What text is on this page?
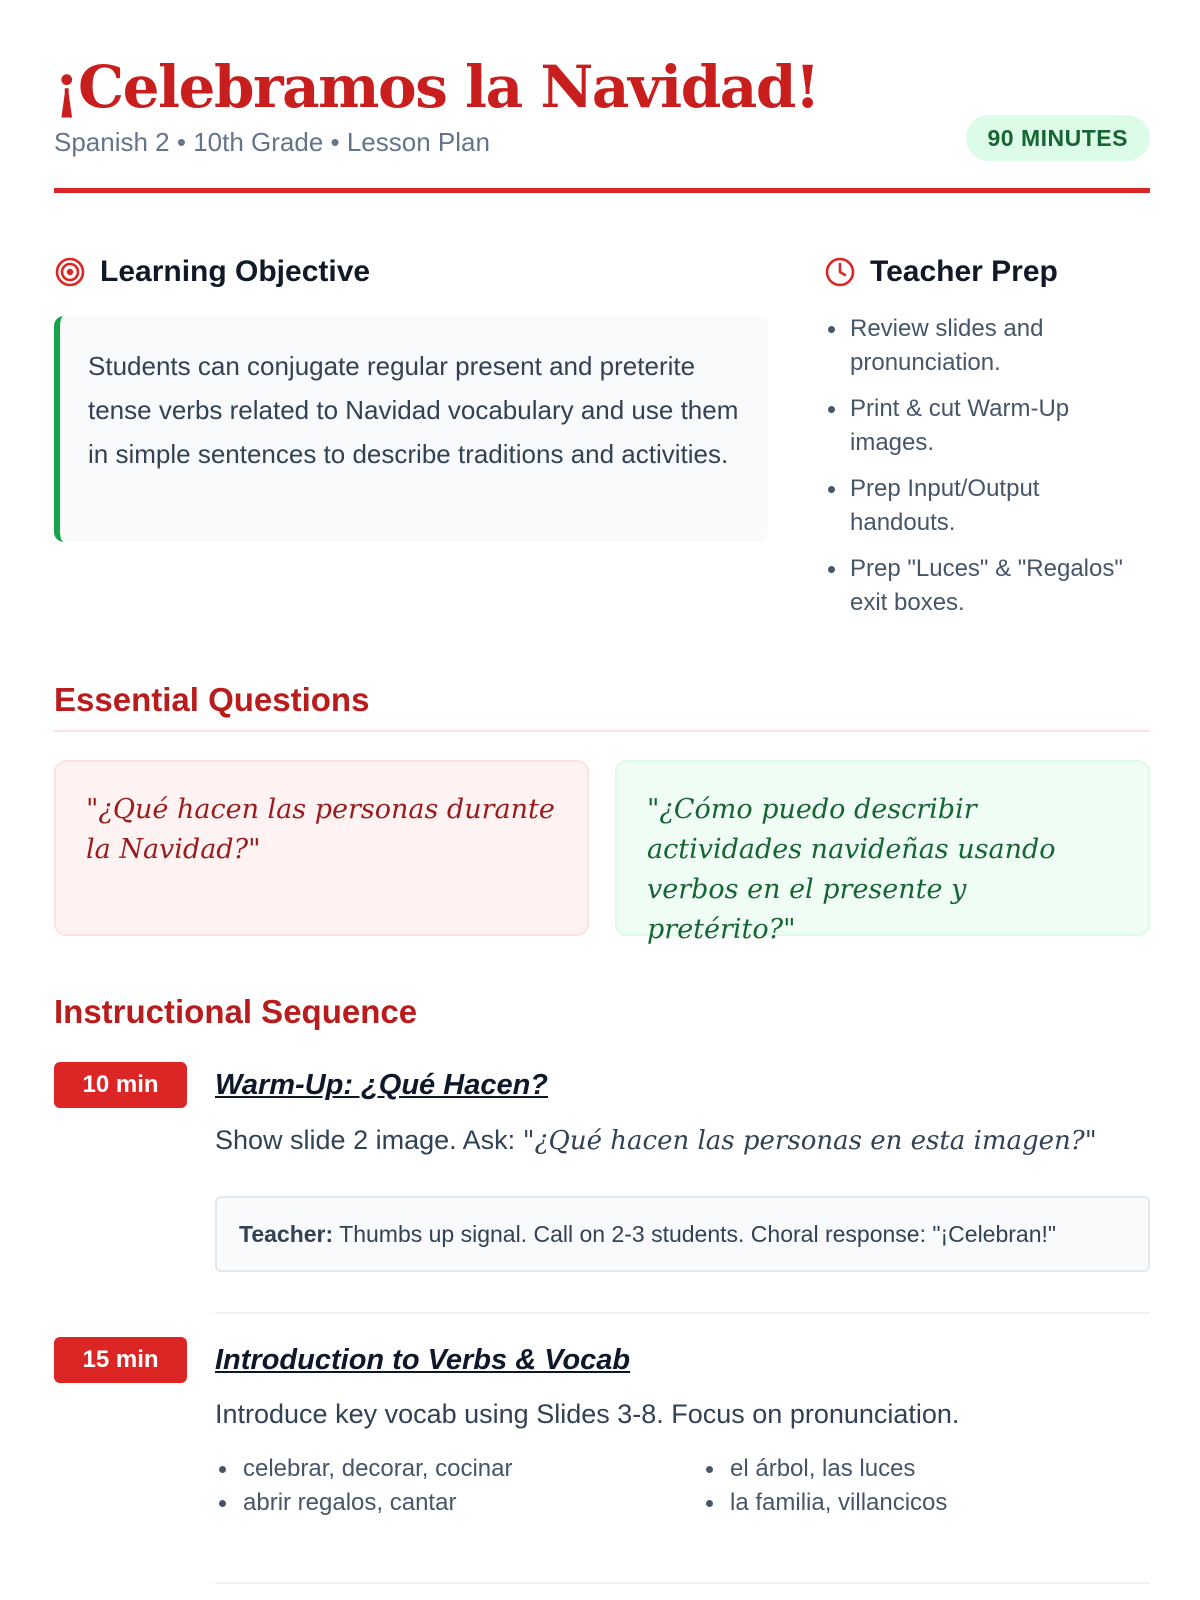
¡Celebramos la Navidad!
Spanish 2 • 10th Grade • Lesson Plan	90 MINUTES
Learning Objective

Students can conjugate regular present and preterite tense verbs related to Navidad vocabulary and use them in simple sentences to describe traditions and activities.

Teacher Prep
Review slides and pronunciation.
Print & cut Warm-Up images.
Prep Input/Output handouts.
Prep "Luces" & "Regalos" exit boxes.
Essential Questions
"¿Qué hacen las personas durante la Navidad?"
"¿Cómo puedo describir actividades navideñas usando verbos en el presente y pretérito?"
Instructional Sequence
10 min	Warm-Up: ¿Qué Hacen?
Show slide 2 image. Ask: "¿Qué hacen las personas en esta imagen?"
Teacher: Thumbs up signal. Call on 2-3 students. Choral response: "¡Celebran!"
15 min	Introduction to Verbs & Vocab
Introduce key vocab using Slides 3-8. Focus on pronunciation.
celebrar, decorar, cocinar
abrir regalos, cantar
el árbol, las luces
la familia, villancicos
